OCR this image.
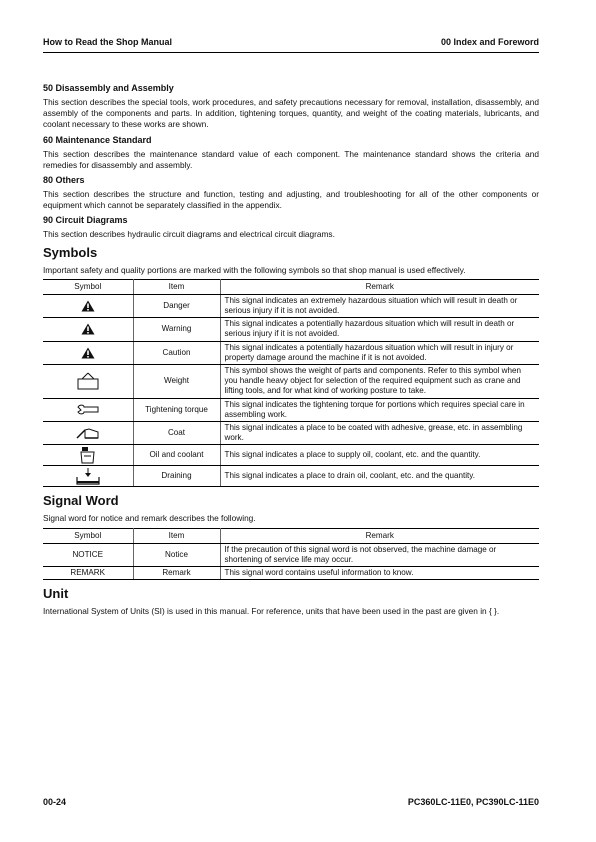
How to Read the Shop Manual	00 Index and Foreword
50 Disassembly and Assembly

This section describes the special tools, work procedures, and safety precautions necessary for removal, installation, disassembly, and assembly of the components and parts. In addition, tightening torques, quantity, and weight of the coating materials, lubricants, and coolant necessary to these works are shown.

60 Maintenance Standard

This section describes the maintenance standard value of each component. The maintenance standard shows the criteria and remedies for disassembly and assembly.

80 Others

This section describes the structure and function, testing and adjusting, and troubleshooting for all of the other components or equipment which cannot be separately classified in the appendix.

90 Circuit Diagrams

This section describes hydraulic circuit diagrams and electrical circuit diagrams.

Symbols

Important safety and quality portions are marked with the following symbols so that shop manual is used effectively.

Symbol	Item	Remark
	Danger	This signal indicates an extremely hazardous situation which will result in death or serious injury if it is not avoided.
	Warning	This signal indicates a potentially hazardous situation which will result in death or serious injury if it is not avoided.
	Caution	This signal indicates a potentially hazardous situation which will result in injury or property damage around the machine if it is not avoided.
	Weight	This symbol shows the weight of parts and components. Refer to this symbol when you handle heavy object for selection of the required equipment such as crane and lifting tools, and for what kind of working posture to take.
	Tightening torque	This signal indicates the tightening torque for portions which requires special care in assembling work.
	Coat	This signal indicates a place to be coated with adhesive, grease, etc. in assembling work.
	Oil and coolant	This signal indicates a place to supply oil, coolant, etc. and the quantity.
	Draining	This signal indicates a place to drain oil, coolant, etc. and the quantity.
Signal Word

Signal word for notice and remark describes the following.

Symbol	Item	Remark
NOTICE	Notice	If the precaution of this signal word is not observed, the machine damage or shortening of service life may occur.
REMARK	Remark	This signal word contains useful information to know.
Unit

International System of Units (SI) is used in this manual. For reference, units that have been used in the past are given in { }.

00-24	PC360LC-11E0, PC390LC-11E0
